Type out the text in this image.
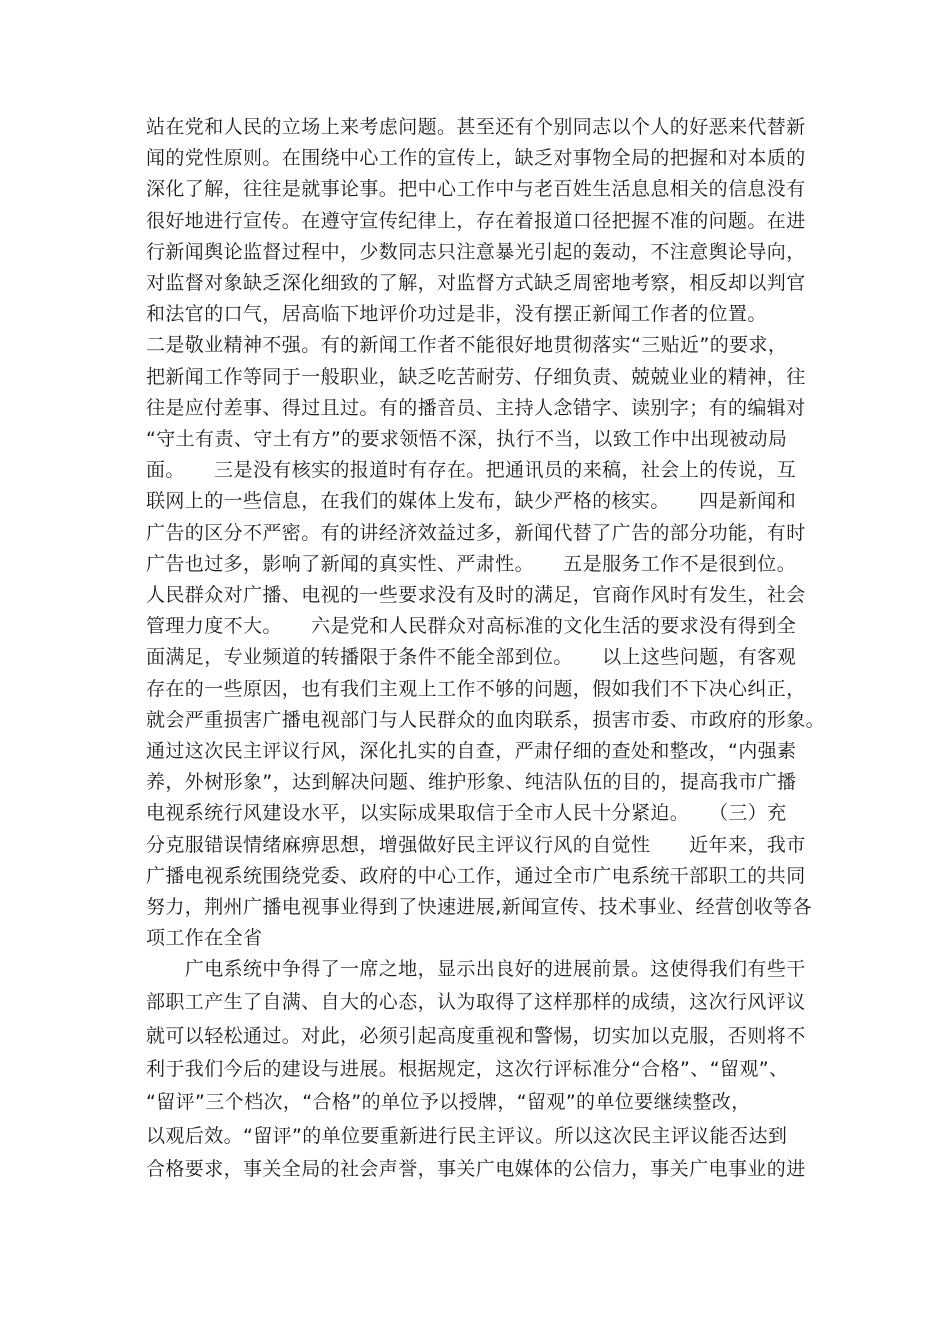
站在党和人民的立场上来考虑问题。甚至还有个别同志以个人的好恶来代替新
闻的党性原则。在围绕中心工作的宣传上，缺乏对事物全局的把握和对本质的
深化了解，往往是就事论事。把中心工作中与老百姓生活息息相关的信息没有
很好地进行宣传。在遵守宣传纪律上，存在着报道口径把握不准的问题。在进
行新闻舆论监督过程中，少数同志只注意暴光引起的轰动，不注意舆论导向，
对监督对象缺乏深化细致的了解，对监督方式缺乏周密地考察，相反却以判官
和法官的口气，居高临下地评价功过是非，没有摆正新闻工作者的位置。
二是敬业精神不强。有的新闻工作者不能很好地贯彻落实“三贴近”的要求，
把新闻工作等同于一般职业，缺乏吃苦耐劳、仔细负责、兢兢业业的精神，往
往是应付差事、得过且过。有的播音员、主持人念错字、读别字；有的编辑对
“守土有责、守土有方”的要求领悟不深，执行不当，以致工作中出现被动局
面。　　三是没有核实的报道时有存在。把通讯员的来稿，社会上的传说，互
联网上的一些信息，在我们的媒体上发布，缺少严格的核实。　　四是新闻和
广告的区分不严密。有的讲经济效益过多，新闻代替了广告的部分功能，有时
广告也过多，影响了新闻的真实性、严肃性。　　五是服务工作不是很到位。
人民群众对广播、电视的一些要求没有及时的满足，官商作风时有发生，社会
管理力度不大。　　六是党和人民群众对高标准的文化生活的要求没有得到全
面满足，专业频道的转播限于条件不能全部到位。　　以上这些问题，有客观
存在的一些原因，也有我们主观上工作不够的问题，假如我们不下决心纠正，
就会严重损害广播电视部门与人民群众的血肉联系，损害市委、市政府的形象。
通过这次民主评议行风，深化扎实的自查，严肃仔细的查处和整改，“内强素
养，外树形象”，达到解决问题、维护形象、纯洁队伍的目的，提高我市广播
电视系统行风建设水平，以实际成果取信于全市人民十分紧迫。　　（三）充
分克服错误情绪麻痹思想，增强做好民主评议行风的自觉性　　近年来，我市
广播电视系统围绕党委、政府的中心工作，通过全市广电系统干部职工的共同
努力，荆州广播电视事业得到了快速进展,新闻宣传、技术事业、经营创收等各
项工作在全省
　　广电系统中争得了一席之地，显示出良好的进展前景。这使得我们有些干
部职工产生了自满、自大的心态，认为取得了这样那样的成绩，这次行风评议
就可以轻松通过。对此，必须引起高度重视和警惕，切实加以克服，否则将不
利于我们今后的建设与进展。根据规定，这次行评标准分“合格”、“留观”、
“留评”三个档次，“合格”的单位予以授牌，“留观”的单位要继续整改，
以观后效。“留评”的单位要重新进行民主评议。所以这次民主评议能否达到
合格要求，事关全局的社会声誉，事关广电媒体的公信力，事关广电事业的进
